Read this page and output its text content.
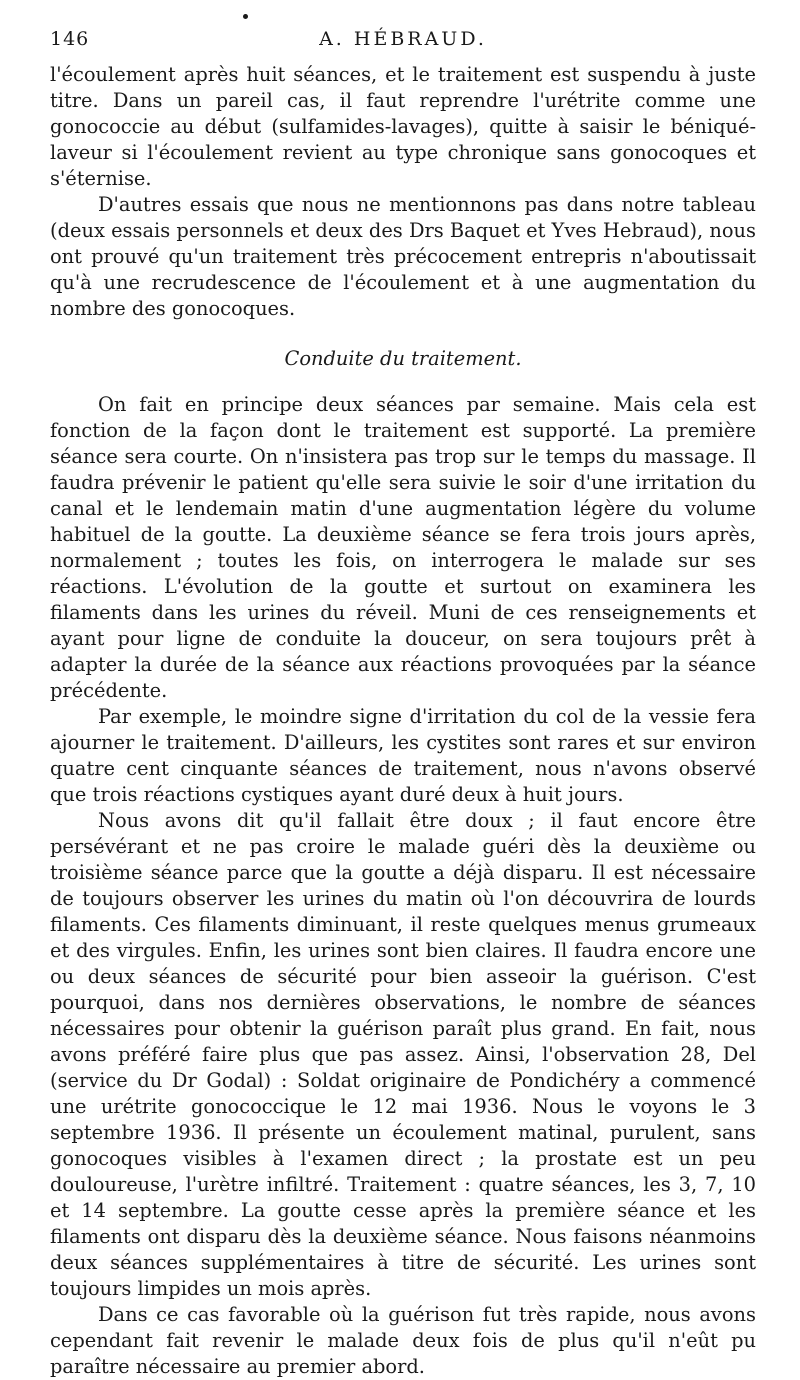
146	A. HÉBRAUD.

l'écoulement après huit séances, et le traitement est suspendu à juste titre. Dans un pareil cas, il faut reprendre l'urétrite comme une gonococcie au début (sulfamides-lavages), quitte à saisir le béniqué-laveur si l'écoulement revient au type chronique sans gonocoques et s'éternise.

D'autres essais que nous ne mentionnons pas dans notre tableau (deux essais personnels et deux des Drs Baquet et Yves Hebraud), nous ont prouvé qu'un traitement très précocement entrepris n'aboutissait qu'à une recrudescence de l'écoulement et à une augmentation du nombre des gonocoques.

Conduite du traitement.

On fait en principe deux séances par semaine. Mais cela est fonction de la façon dont le traitement est supporté. La première séance sera courte. On n'insistera pas trop sur le temps du massage. Il faudra prévenir le patient qu'elle sera suivie le soir d'une irritation du canal et le lendemain matin d'une augmentation légère du volume habituel de la goutte. La deuxième séance se fera trois jours après, normalement ; toutes les fois, on interrogera le malade sur ses réactions. L'évolution de la goutte et surtout on examinera les filaments dans les urines du réveil. Muni de ces renseignements et ayant pour ligne de conduite la douceur, on sera toujours prêt à adapter la durée de la séance aux réactions provoquées par la séance précédente.

Par exemple, le moindre signe d'irritation du col de la vessie fera ajourner le traitement. D'ailleurs, les cystites sont rares et sur environ quatre cent cinquante séances de traitement, nous n'avons observé que trois réactions cystiques ayant duré deux à huit jours.

Nous avons dit qu'il fallait être doux ; il faut encore être persévérant et ne pas croire le malade guéri dès la deuxième ou troisième séance parce que la goutte a déjà disparu. Il est nécessaire de toujours observer les urines du matin où l'on découvrira de lourds filaments. Ces filaments diminuant, il reste quelques menus grumeaux et des virgules. Enfin, les urines sont bien claires. Il faudra encore une ou deux séances de sécurité pour bien asseoir la guérison. C'est pourquoi, dans nos dernières observations, le nombre de séances nécessaires pour obtenir la guérison paraît plus grand. En fait, nous avons préféré faire plus que pas assez. Ainsi, l'observation 28, Del (service du Dr Godal) : Soldat originaire de Pondichéry a commencé une urétrite gonococcique le 12 mai 1936. Nous le voyons le 3 septembre 1936. Il présente un écoulement matinal, purulent, sans gonocoques visibles à l'examen direct ; la prostate est un peu douloureuse, l'urètre infiltré. Traitement : quatre séances, les 3, 7, 10 et 14 septembre. La goutte cesse après la première séance et les filaments ont disparu dès la deuxième séance. Nous faisons néanmoins deux séances supplémentaires à titre de sécurité. Les urines sont toujours limpides un mois après.

Dans ce cas favorable où la guérison fut très rapide, nous avons cependant fait revenir le malade deux fois de plus qu'il n'eût pu paraître nécessaire au premier abord.
